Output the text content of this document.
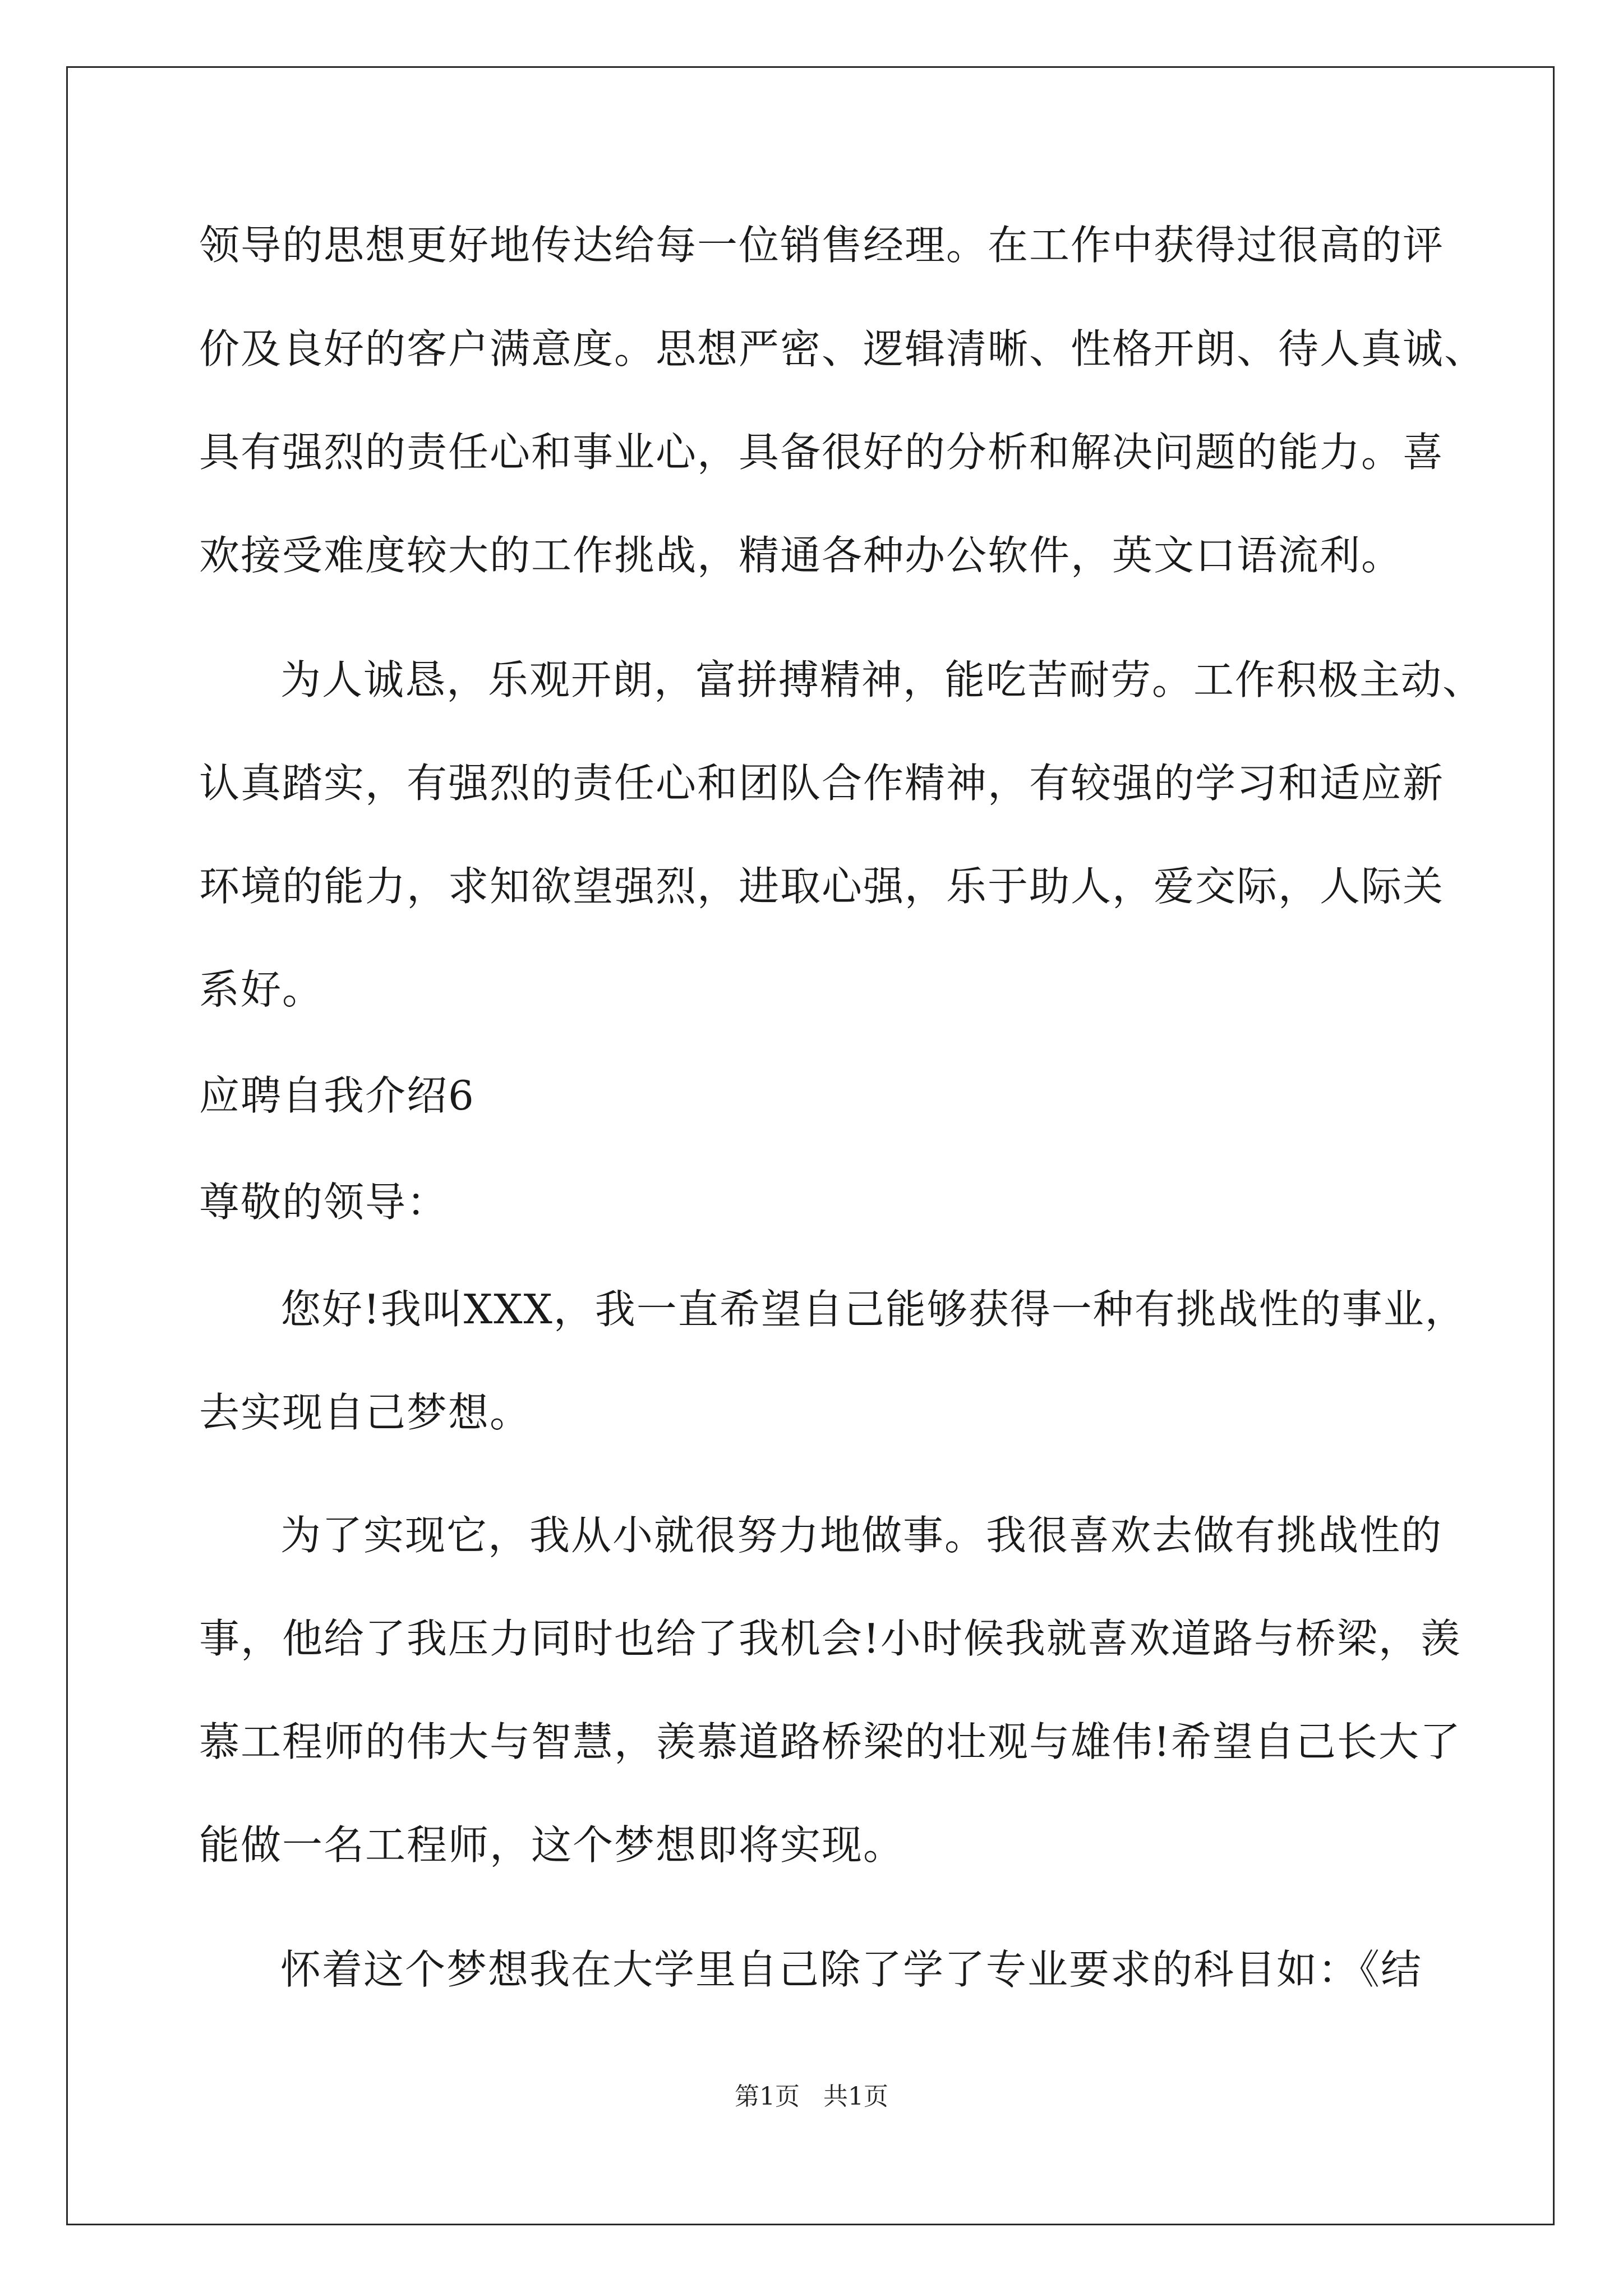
领导的思想更好地传达给每一位销售经理。在工作中获得过很高的评
价及良好的客户满意度。思想严密、逻辑清晰、性格开朗、待人真诚、
具有强烈的责任心和事业心，具备很好的分析和解决问题的能力。喜
欢接受难度较大的工作挑战，精通各种办公软件，英文口语流利。
为人诚恳，乐观开朗，富拼搏精神，能吃苦耐劳。工作积极主动、
认真踏实，有强烈的责任心和团队合作精神，有较强的学习和适应新
环境的能力，求知欲望强烈，进取心强，乐于助人，爱交际，人际关
系好。
应聘自我介绍6
尊敬的领导：
您好!我叫XXX，我一直希望自己能够获得一种有挑战性的事业，
去实现自己梦想。
为了实现它，我从小就很努力地做事。我很喜欢去做有挑战性的
事，他给了我压力同时也给了我机会!小时候我就喜欢道路与桥梁，羡
慕工程师的伟大与智慧，羡慕道路桥梁的壮观与雄伟!希望自己长大了
能做一名工程师，这个梦想即将实现。
怀着这个梦想我在大学里自己除了学了专业要求的科目如：《结
第1页   共1页
